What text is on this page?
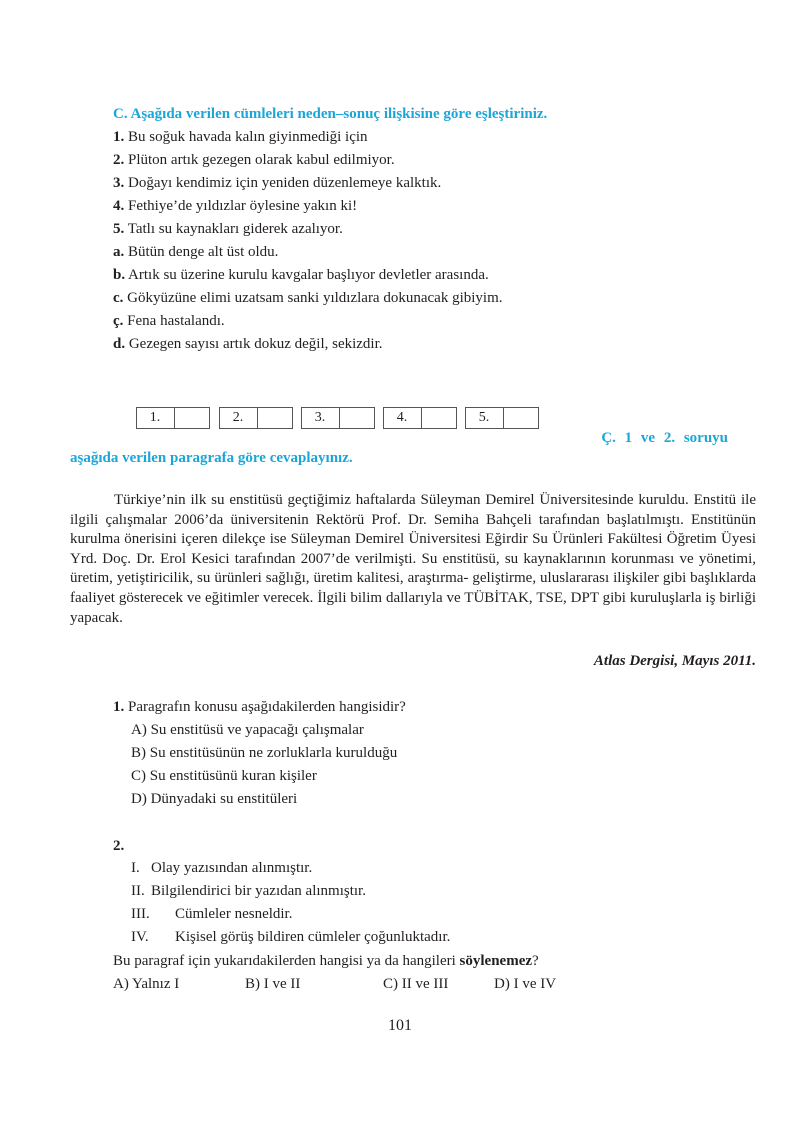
C. Aşağıda verilen cümleleri neden–sonuç ilişkisine göre eşleştiriniz.
1. Bu soğuk havada kalın giyinmediği için
2. Plüton artık gezegen olarak kabul edilmiyor.
3. Doğayı kendimiz için yeniden düzenlemeye kalktık.
4. Fethiye’de yıldızlar öylesine yakın ki!
5. Tatlı su kaynakları giderek azalıyor.
a. Bütün denge alt üst oldu.
b. Artık su üzerine kurulu kavgalar başlıyor devletler arasında.
c. Gökyüzüne elimi uzatsam sanki yıldızlara dokunacak gibiyim.
ç. Fena hastalandı.
d. Gezegen sayısı artık dokuz değil, sekizdir.
1.	2.	3.	4.	5.
Ç. 1 ve 2. soruyu
aşağıda verilen paragrafa göre cevaplayınız.

Türkiye’nin ilk su enstitüsü geçtiğimiz haftalarda Süleyman Demirel Üniversitesinde kuruldu. Enstitü ile ilgili çalışmalar 2006’da üniversitenin Rektörü Prof. Dr. Semiha Bahçeli tarafından başlatılmıştı. Enstitünün kurulma önerisini içeren dilekçe ise Süleyman Demirel Üniversitesi Eğirdir Su Ürünleri Fakültesi Öğretim Üyesi Yrd. Doç. Dr. Erol Kesici tarafından 2007’de verilmişti. Su enstitüsü, su kaynaklarının korunması ve yönetimi, üretim, yetiştiricilik, su ürünleri sağlığı, üretim kalitesi, araştırma- geliştirme, uluslararası ilişkiler gibi başlıklarda faaliyet gösterecek ve eğitimler verecek. İlgili bilim dallarıyla ve TÜBİTAK, TSE, DPT gibi kuruluşlarla iş birliği yapacak.

Atlas Dergisi, Mayıs 2011.
1. Paragrafın konusu aşağıdakilerden hangisidir?
A) Su enstitüsü ve yapacağı çalışmalar
B) Su enstitüsünün ne zorluklarla kurulduğu
C) Su enstitüsünü kuran kişiler
D) Dünyadaki su enstitüleri
2.
I. Olay yazısından alınmıştır.
II. Bilgilendirici bir yazıdan alınmıştır.
III. Cümleler nesneldir.
IV. Kişisel görüş bildiren cümleler çoğunluktadır.
Bu paragraf için yukarıdakilerden hangisi ya da hangileri söylenemez?
A) Yalnız I	B) I ve II	C) II ve III	D) I ve IV
101
